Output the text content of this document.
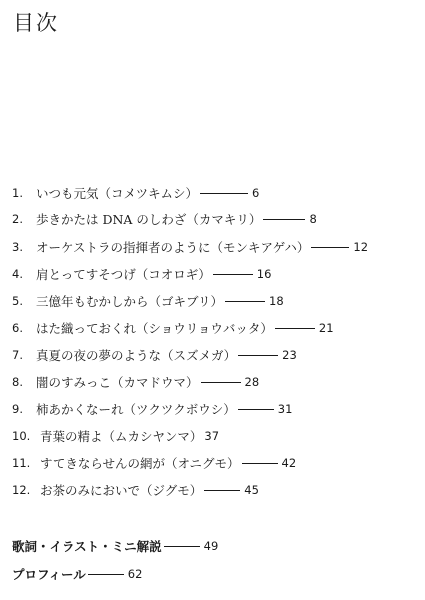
目次
1.	いつも元気（コメツキムシ）	6
2.	歩きかたは DNA のしわざ（カマキリ）	8
3.	オーケストラの指揮者のように（モンキアゲハ）	12
4.	肩とってすそつげ（コオロギ）	16
5.	三億年もむかしから（ゴキブリ）	18
6.	はた織っておくれ（ショウリョウバッタ）	21
7.	真夏の夜の夢のような（スズメガ）	23
8.	闇のすみっこ（カマドウマ）	28
9.	柿あかくなーれ（ツクツクボウシ）	31
10. 青葉の精よ（ムカシヤンマ） 37
11. すてきならせんの網が（オニグモ）	42
12. お茶のみにおいで（ジグモ）	45
歌詞・イラスト・ミニ解説	49
プロフィール	62
